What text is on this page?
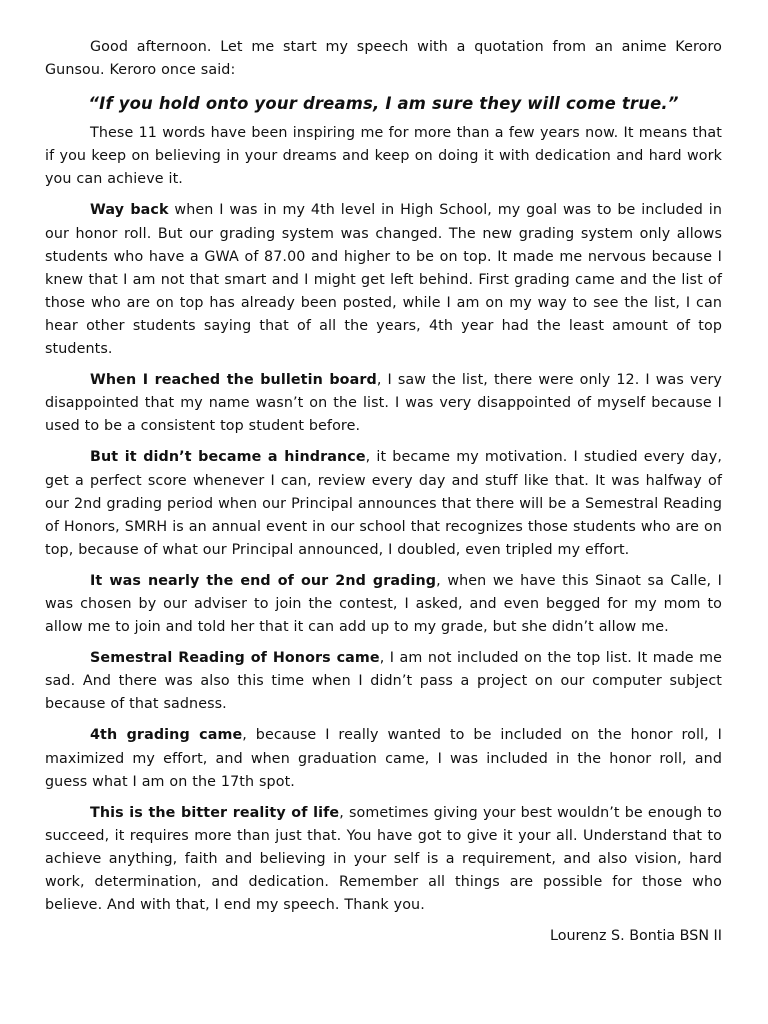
Good afternoon. Let me start my speech with a quotation from an anime Keroro Gunsou. Keroro once said:

“If you hold onto your dreams, I am sure they will come true.”

These 11 words have been inspiring me for more than a few years now. It means that if you keep on believing in your dreams and keep on doing it with dedication and hard work you can achieve it.

Way back when I was in my 4th level in High School, my goal was to be included in our honor roll. But our grading system was changed. The new grading system only allows students who have a GWA of 87.00 and higher to be on top. It made me nervous because I knew that I am not that smart and I might get left behind. First grading came and the list of those who are on top has already been posted, while I am on my way to see the list, I can hear other students saying that of all the years, 4th year had the least amount of top students.

When I reached the bulletin board, I saw the list, there were only 12. I was very disappointed that my name wasn’t on the list. I was very disappointed of myself because I used to be a consistent top student before.

But it didn’t became a hindrance, it became my motivation. I studied every day, get a perfect score whenever I can, review every day and stuff like that. It was halfway of our 2nd grading period when our Principal announces that there will be a Semestral Reading of Honors, SMRH is an annual event in our school that recognizes those students who are on top, because of what our Principal announced, I doubled, even tripled my effort.

It was nearly the end of our 2nd grading, when we have this Sinaot sa Calle, I was chosen by our adviser to join the contest, I asked, and even begged for my mom to allow me to join and told her that it can add up to my grade, but she didn’t allow me.

Semestral Reading of Honors came, I am not included on the top list. It made me sad. And there was also this time when I didn’t pass a project on our computer subject because of that sadness.

4th grading came, because I really wanted to be included on the honor roll, I maximized my effort, and when graduation came, I was included in the honor roll, and guess what I am on the 17th spot.

This is the bitter reality of life, sometimes giving your best wouldn’t be enough to succeed, it requires more than just that. You have got to give it your all. Understand that to achieve anything, faith and believing in your self is a requirement, and also vision, hard work, determination, and dedication. Remember all things are possible for those who believe. And with that, I end my speech. Thank you.

Lourenz S. Bontia BSN II
